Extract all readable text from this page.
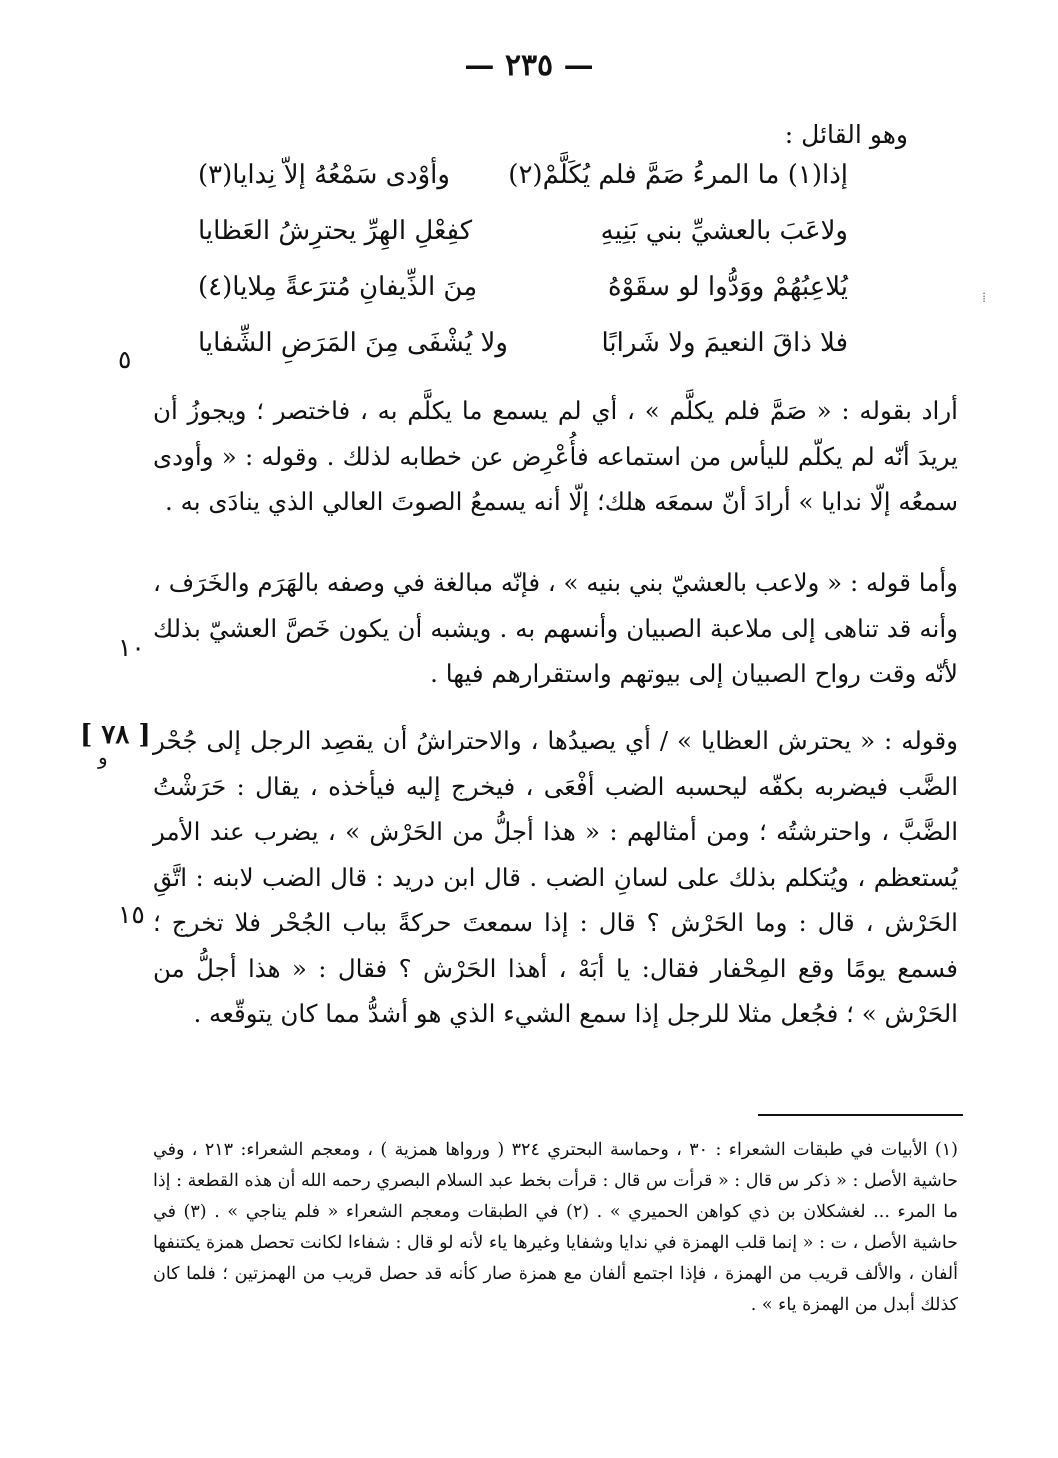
— ٢٣٥ —
وهو القائل :
إذا(١) ما المرءُ صَمَّ فلم يُكَلَّمْ(٢)
وأوْدى سَمْعُهُ إلاّ نِدايا(٣)
ولاعَبَ بالعشيِّ بني بَنِيهِ
كفِعْلِ الهِرِّ يحترِشُ العَظايا
يُلاعِبُهُمْ ووَدُّوا لو سقَوْهُ
مِنَ الذِّيفانِ مُترَعةً مِلايا(٤)
فلا ذاقَ النعيمَ ولا شَرابًا
ولا يُشْفَى مِنَ المَرَضِ الشِّفايا
٥
١٠
١٥
⁞

أراد بقوله : « صَمَّ فلم يكلَّم » ، أي لم يسمع ما يكلَّم به ، فاختصر ؛ ويجوزُ أن يريدَ أنّه لم يكلّم لليأس من استماعه فأُعْرِض عن خطابه لذلك . وقوله : « وأودى سمعُه إلّا ندايا » أرادَ أنّ سمعَه هلك؛ إلّا أنه يسمعُ الصوتَ العالي الذي ينادَى به .

وأما قوله : « ولاعب بالعشيّ بني بنيه » ، فإنّه مبالغة في وصفه بالهَرَم والخَرَف ، وأنه قد تناهى إلى ملاعبة الصبيان وأنسهم به . ويشبه أن يكون خَصَّ العشيّ بذلك لأنّه وقت رواح الصبيان إلى بيوتهم واستقرارهم فيها .

وقوله : « يحترش العظايا » / أي يصيدُها ، والاحتراشُ أن يقصِد الرجل إلى جُحْر الضَّب فيضربه بكفّه ليحسبه الضب أفْعَى ، فيخرج إليه فيأخذه ، يقال : حَرَشْتُ الضَّبَّ ، واحترشتُه ؛ ومن أمثالهم : « هذا أجلُّ من الحَرْش » ، يضرب عند الأمر يُستعظم ، ويُتكلم بذلك على لسانِ الضب . قال ابن دريد : قال الضب لابنه : اتَّقِ الحَرْش ، قال : وما الحَرْش ؟ قال : إذا سمعتَ حركةً بباب الجُحْر فلا تخرج ؛ فسمع يومًا وقع المِحْفار فقال: يا أبَهْ ، أهذا الحَرْش ؟ فقال : « هذا أجلُّ من الحَرْش » ؛ فجُعل مثلا للرجل إذا سمع الشيء الذي هو أشدُّ مما كان يتوقّعه .

[ ٧٨ ]
و

(١) الأبيات في طبقات الشعراء : ٣٠ ، وحماسة البحتري ٣٢٤ ( ورواها همزية ) ، ومعجم الشعراء: ٢١٣ ، وفي حاشية الأصل : « ذكر س قال : « قرأت س قال : قرأت بخط عبد السلام البصري رحمه الله أن هذه القطعة : إذا ما المرء ... لغشكلان بن ذي كواهن الحميري » . (٢) في الطبقات ومعجم الشعراء « فلم يناجي » . (٣) في حاشية الأصل ، ت : « إنما قلب الهمزة في ندايا وشفايا وغيرها ياء لأنه لو قال : شفاءا لكانت تحصل همزة يكتنفها ألفان ، والألف قريب من الهمزة ، فإذا اجتمع ألفان مع همزة صار كأنه قد حصل قريب من الهمزتين ؛ فلما كان كذلك أبدل من الهمزة ياء » .
